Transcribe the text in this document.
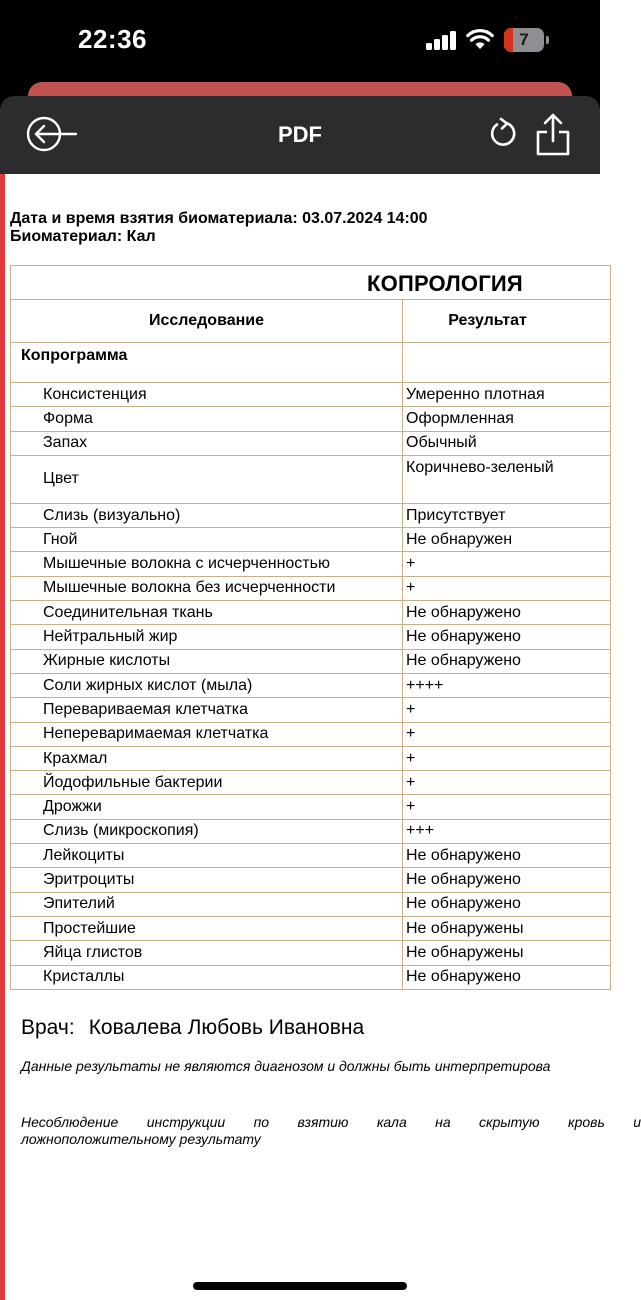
22:36	7
PDF
Дата и время взятия биоматериала: 03.07.2024 14:00
Биоматериал: Кал
КОПРОЛОГИЯ	
Исследование	Результат
Копрограмма	
Консистенция	Умеренно плотная
Форма	Оформленная
Запах	Обычный
Цвет	Коричнево-зеленый
Слизь (визуально)	Присутствует
Гной	Не обнаружен
Мышечные волокна с исчерченностью	+
Мышечные волокна без исчерченности	+
Соединительная ткань	Не обнаружено
Нейтральный жир	Не обнаружено
Жирные кислоты	Не обнаружено
Соли жирных кислот (мыла)	++++
Перевариваемая клетчатка	+
Непереваримаемая клетчатка	+
Крахмал	+
Йодофильные бактерии	+
Дрожжи	+
Слизь (микроскопия)	+++
Лейкоциты	Не обнаружено
Эритроциты	Не обнаружено
Эпителий	Не обнаружено
Простейшие	Не обнаружены
Яйца глистов	Не обнаружены
Кристаллы	Не обнаружено
Врач: Ковалева Любовь Ивановна
Данные результаты не являются диагнозом и должны быть интерпретирова
Несоблюдение инструкции по взятию кала на скрытую кровь и
ложноположительному результату
